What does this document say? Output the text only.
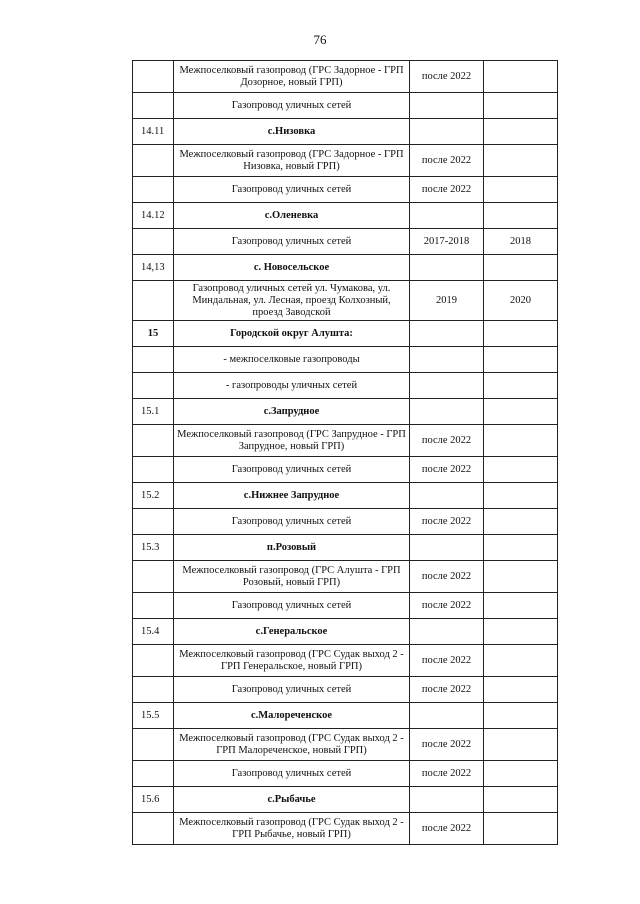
76
	Межпоселковый газопровод (ГРС Задорное - ГРП Дозорное, новый ГРП)	после 2022	
	Газопровод уличных сетей		
14.11	с.Низовка		
	Межпоселковый газопровод (ГРС Задорное - ГРП Низовка, новый ГРП)	после 2022	
	Газопровод уличных сетей	после 2022	
14.12	с.Оленевка		
	Газопровод уличных сетей	2017-2018	2018
14,13	с. Новосельское		
	Газопровод уличных сетей ул. Чумакова, ул. Миндальная, ул. Лесная, проезд Колхозный, проезд Заводской	2019	2020
15	Городской округ Алушта:		
	- межпоселковые газопроводы		
	- газопроводы уличных сетей		
15.1	с.Запрудное		
	Межпоселковый газопровод (ГРС Запрудное - ГРП Запрудное, новый ГРП)	после 2022	
	Газопровод уличных сетей	после 2022	
15.2	с.Нижнее Запрудное		
	Газопровод уличных сетей	после 2022	
15.3	п.Розовый		
	Межпоселковый газопровод (ГРС Алушта - ГРП Розовый, новый ГРП)	после 2022	
	Газопровод уличных сетей	после 2022	
15.4	с.Генеральское		
	Межпоселковый газопровод (ГРС Судак выход 2 - ГРП Генеральское, новый ГРП)	после 2022	
	Газопровод уличных сетей	после 2022	
15.5	с.Малореченское		
	Межпоселковый газопровод (ГРС Судак выход 2 - ГРП Малореченское, новый ГРП)	после 2022	
	Газопровод уличных сетей	после 2022	
15.6	с.Рыбачье		
	Межпоселковый газопровод (ГРС Судак выход 2 - ГРП Рыбачье, новый ГРП)	после 2022	
